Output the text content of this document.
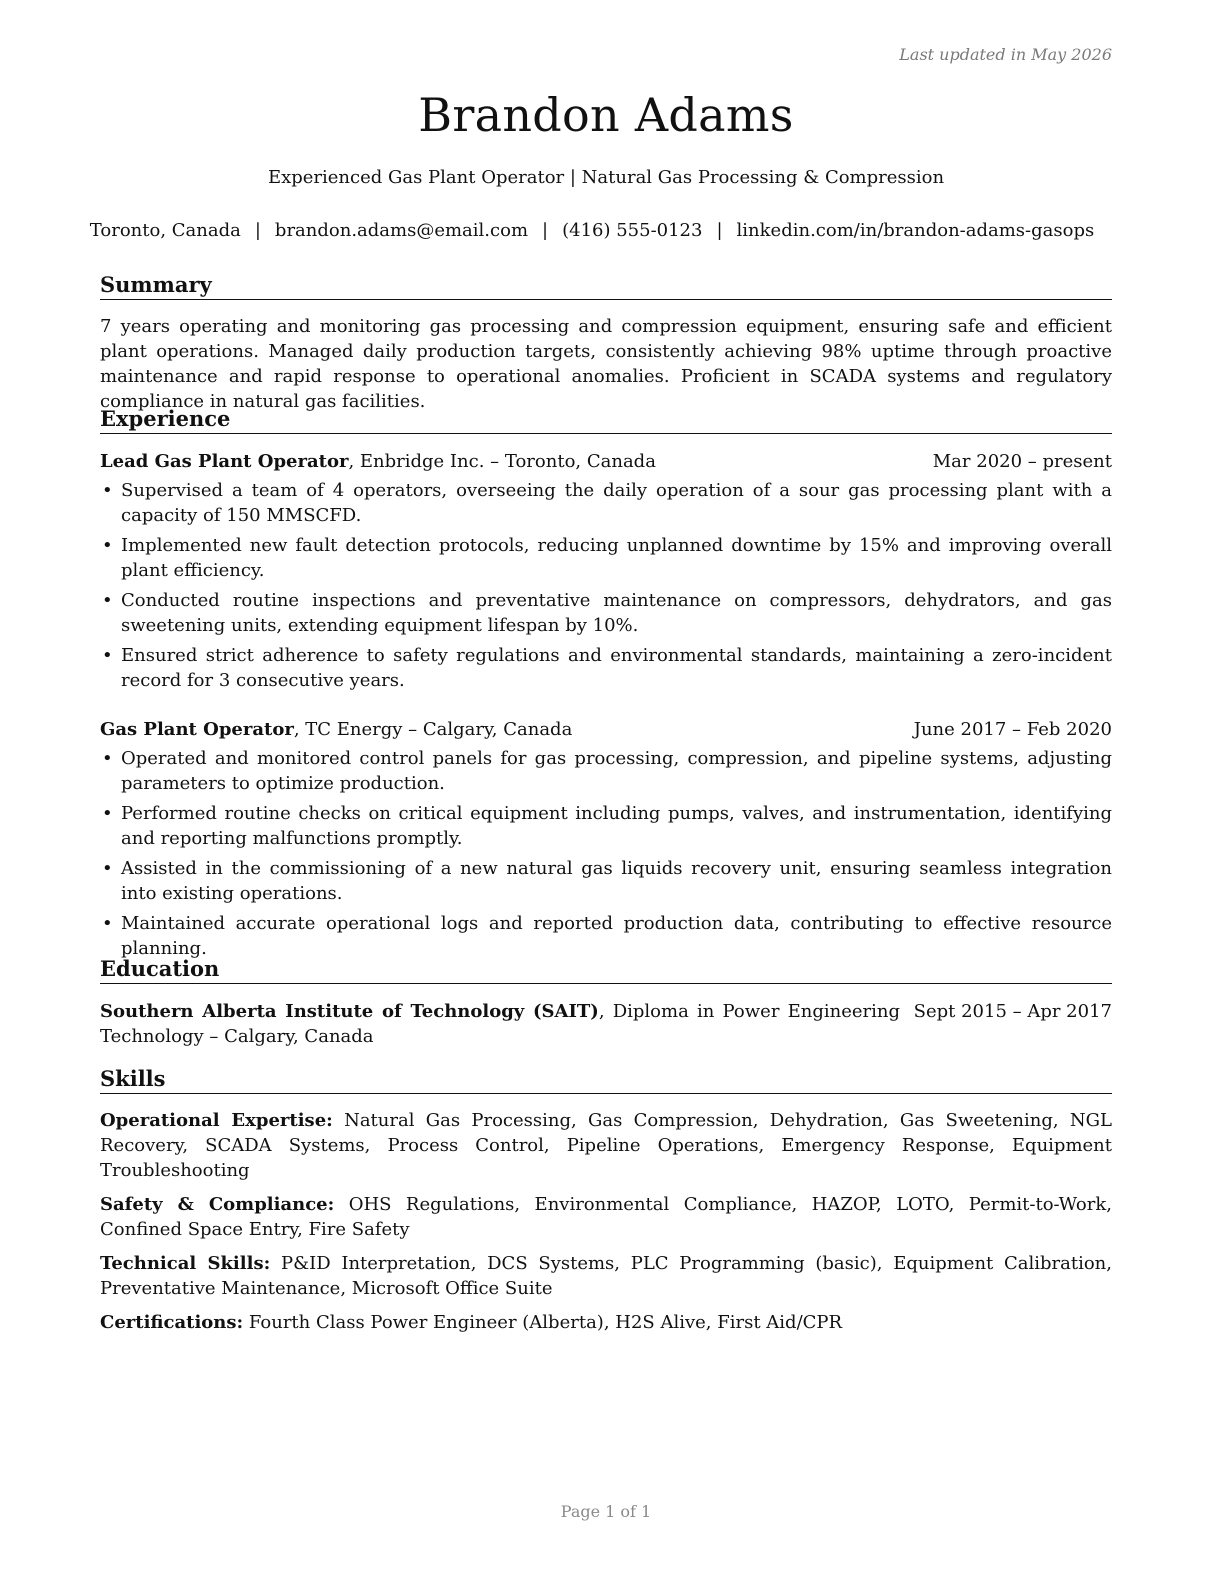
Last updated in May 2026
Brandon Adams
Experienced Gas Plant Operator | Natural Gas Processing & Compression
Toronto, Canada | brandon.adams@email.com | (416) 555-0123 | linkedin.com/in/brandon-adams-gasops
Summary
7 years operating and monitoring gas processing and compression equipment, ensuring safe and efficient plant operations. Managed daily production targets, consistently achieving 98% uptime through proactive maintenance and rapid response to operational anomalies. Proficient in SCADA systems and regulatory compliance in natural gas facilities.
Experience
Lead Gas Plant Operator, Enbridge Inc. – Toronto, Canada	Mar 2020 – present
• Supervised a team of 4 operators, overseeing the daily operation of a sour gas processing plant with a capacity of 150 MMSCFD.
• Implemented new fault detection protocols, reducing unplanned downtime by 15% and improving overall plant efficiency.
• Conducted routine inspections and preventative maintenance on compressors, dehydrators, and gas sweetening units, extending equipment lifespan by 10%.
• Ensured strict adherence to safety regulations and environmental standards, maintaining a zero-incident record for 3 consecutive years.
Gas Plant Operator, TC Energy – Calgary, Canada	June 2017 – Feb 2020
• Operated and monitored control panels for gas processing, compression, and pipeline systems, adjusting parameters to optimize production.
• Performed routine checks on critical equipment including pumps, valves, and instrumentation, identifying and reporting malfunctions promptly.
• Assisted in the commissioning of a new natural gas liquids recovery unit, ensuring seamless integration into existing operations.
• Maintained accurate operational logs and reported production data, contributing to effective resource planning.
Education
Southern Alberta Institute of Technology (SAIT), Diploma in Power Engineering Technology – Calgary, Canada
Sept 2015 – Apr 2017
Skills
Operational Expertise: Natural Gas Processing, Gas Compression, Dehydration, Gas Sweetening, NGL Recovery, SCADA Systems, Process Control, Pipeline Operations, Emergency Response, Equipment Troubleshooting
Safety & Compliance: OHS Regulations, Environmental Compliance, HAZOP, LOTO, Permit-to-Work, Confined Space Entry, Fire Safety
Technical Skills: P&ID Interpretation, DCS Systems, PLC Programming (basic), Equipment Calibration, Preventative Maintenance, Microsoft Office Suite
Certifications: Fourth Class Power Engineer (Alberta), H2S Alive, First Aid/CPR
Page 1 of 1
